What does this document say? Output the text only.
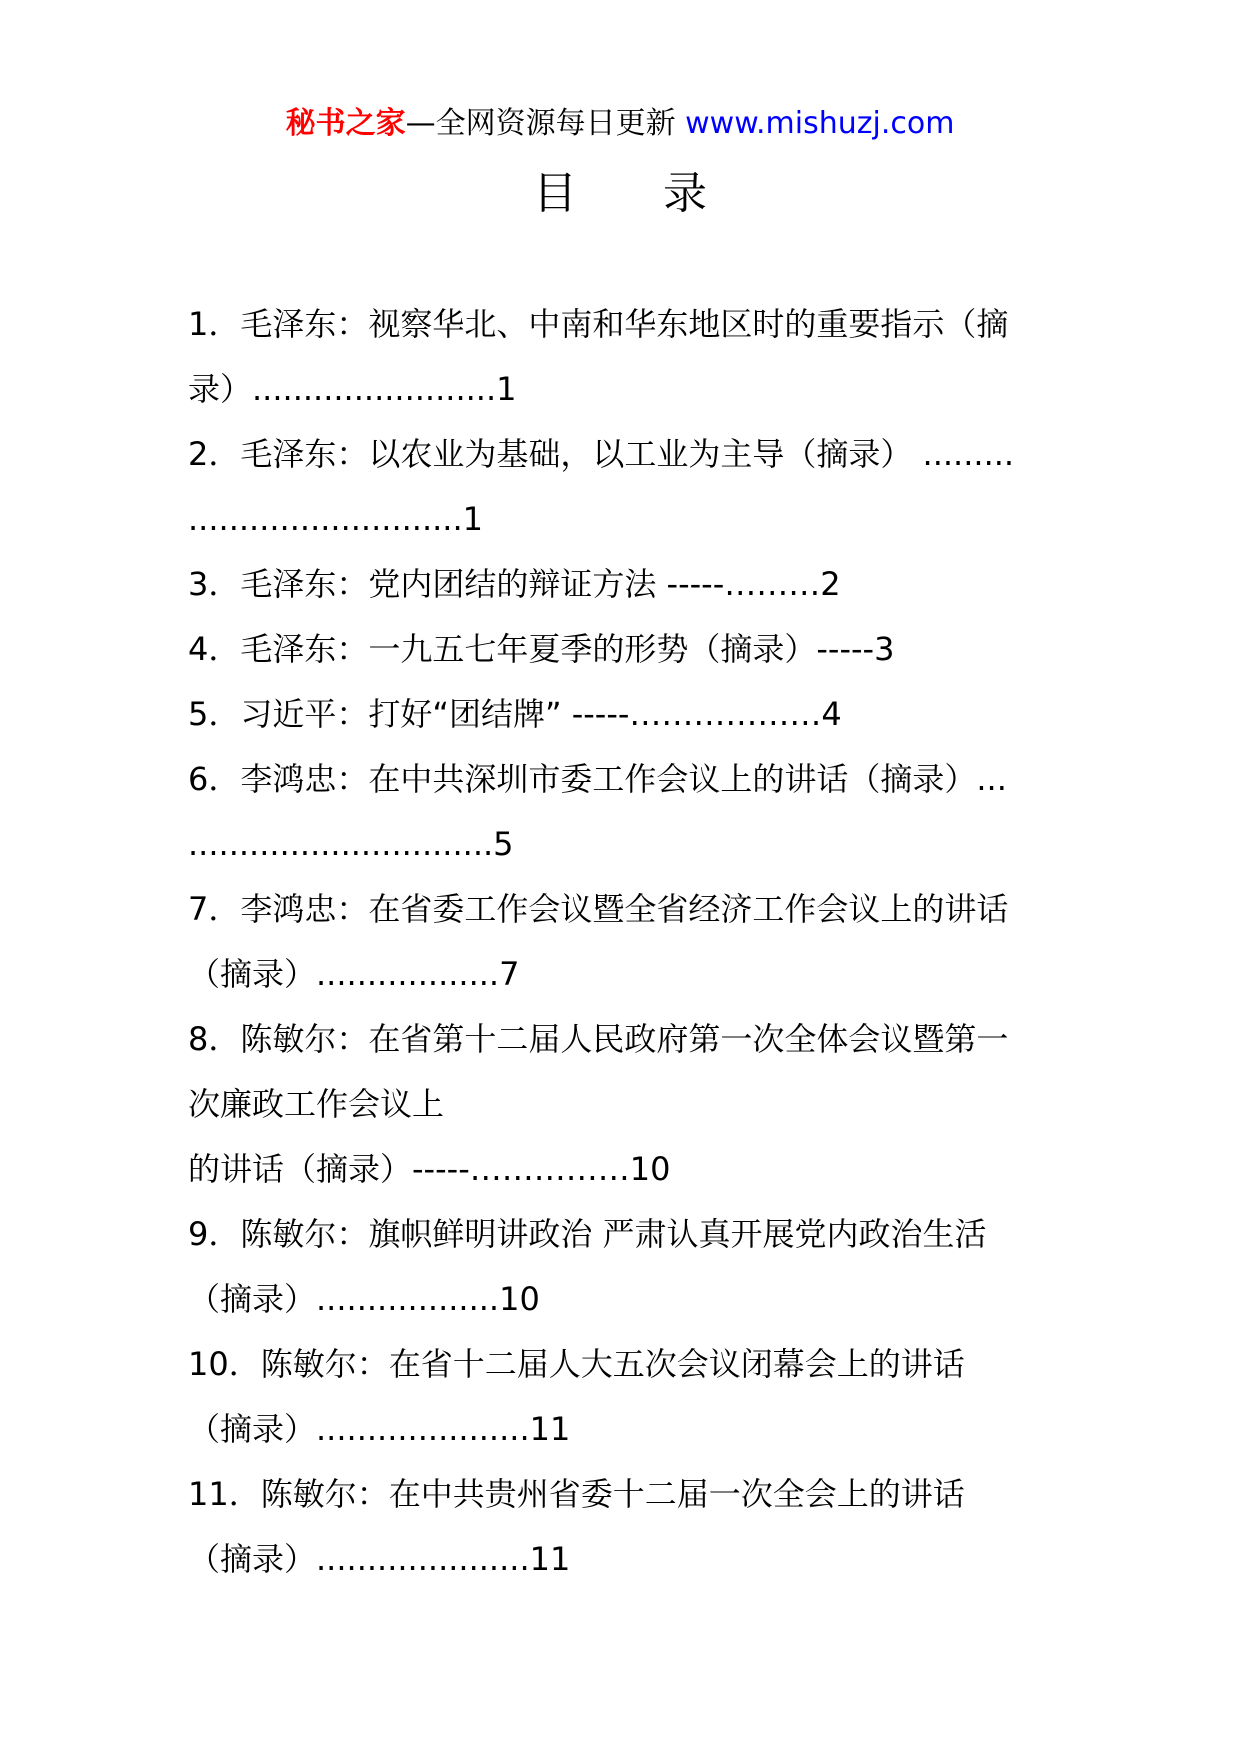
秘书之家—全网资源每日更新 www.mishuzj.com
目 录
1．毛泽东：视察华北、中南和华东地区时的重要指示（摘
录）........................1
2．毛泽东：以农业为基础，以工业为主导（摘录） .........
...........................1
3．毛泽东：党内团结的辩证方法 -----………2
4．毛泽东：一九五七年夏季的形势（摘录）-----3
5．习近平：打好“团结牌” -----………………4
6．李鸿忠：在中共深圳市委工作会议上的讲话（摘录）...
..............................5
7．李鸿忠：在省委工作会议暨全省经济工作会议上的讲话
（摘录）..................7
8．陈敏尔：在省第十二届人民政府第一次全体会议暨第一
次廉政工作会议上
的讲话（摘录）-----……………10
9．陈敏尔：旗帜鲜明讲政治 严肃认真开展党内政治生活
（摘录）..................10
10．陈敏尔：在省十二届人大五次会议闭幕会上的讲话
（摘录）.....................11
11．陈敏尔：在中共贵州省委十二届一次全会上的讲话
（摘录）.....................11
